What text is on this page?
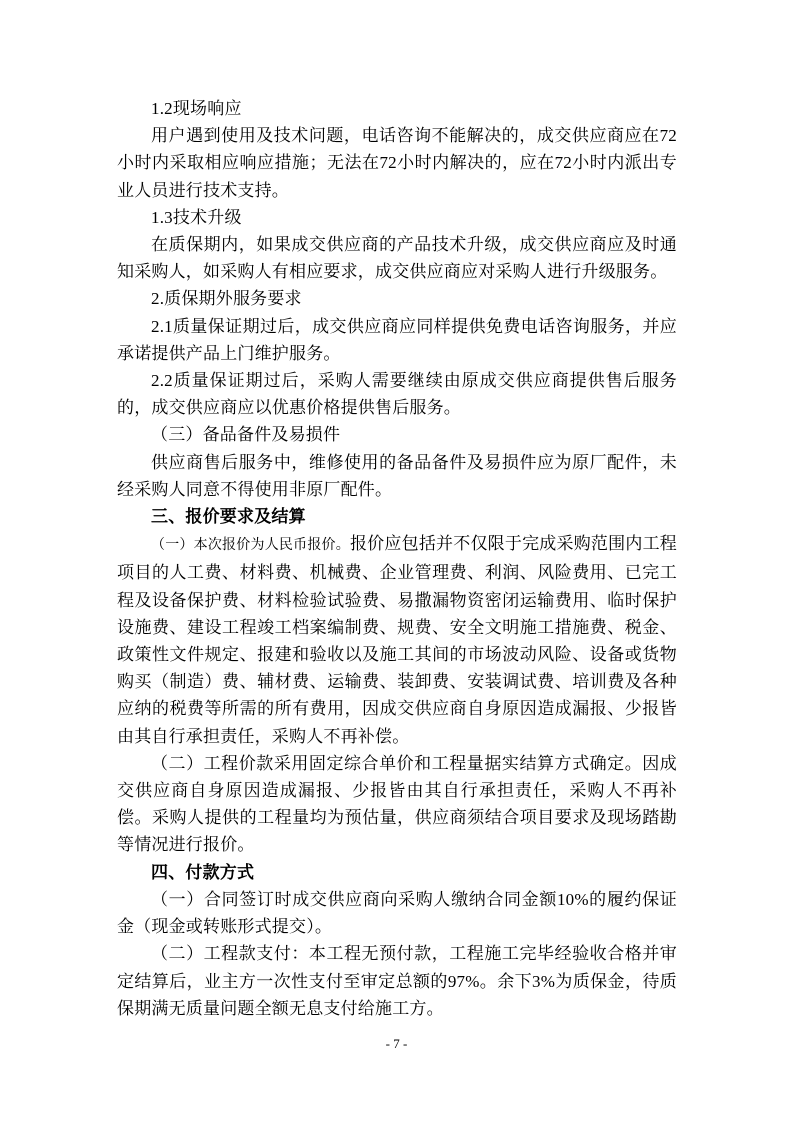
1.2现场响应

用户遇到使用及技术问题，电话咨询不能解决的，成交供应商应在72小时内采取相应响应措施；无法在72小时内解决的，应在72小时内派出专业人员进行技术支持。

1.3技术升级

在质保期内，如果成交供应商的产品技术升级，成交供应商应及时通知采购人，如采购人有相应要求，成交供应商应对采购人进行升级服务。

2.质保期外服务要求

2.1质量保证期过后，成交供应商应同样提供免费电话咨询服务，并应承诺提供产品上门维护服务。

2.2质量保证期过后，采购人需要继续由原成交供应商提供售后服务的，成交供应商应以优惠价格提供售后服务。

（三）备品备件及易损件

供应商售后服务中，维修使用的备品备件及易损件应为原厂配件，未经采购人同意不得使用非原厂配件。

三、报价要求及结算

（一）本次报价为人民币报价。报价应包括并不仅限于完成采购范围内工程项目的人工费、材料费、机械费、企业管理费、利润、风险费用、已完工程及设备保护费、材料检验试验费、易撒漏物资密闭运输费用、临时保护设施费、建设工程竣工档案编制费、规费、安全文明施工措施费、税金、政策性文件规定、报建和验收以及施工其间的市场波动风险、设备或货物购买（制造）费、辅材费、运输费、装卸费、安装调试费、培训费及各种应纳的税费等所需的所有费用，因成交供应商自身原因造成漏报、少报皆由其自行承担责任，采购人不再补偿。

（二）工程价款采用固定综合单价和工程量据实结算方式确定。因成交供应商自身原因造成漏报、少报皆由其自行承担责任，采购人不再补偿。采购人提供的工程量均为预估量，供应商须结合项目要求及现场踏勘等情况进行报价。

四、付款方式

（一）合同签订时成交供应商向采购人缴纳合同金额10%的履约保证金（现金或转账形式提交）。

（二）工程款支付：本工程无预付款，工程施工完毕经验收合格并审定结算后，业主方一次性支付至审定总额的97%。余下3%为质保金，待质保期满无质量问题全额无息支付给施工方。

- 7 -
